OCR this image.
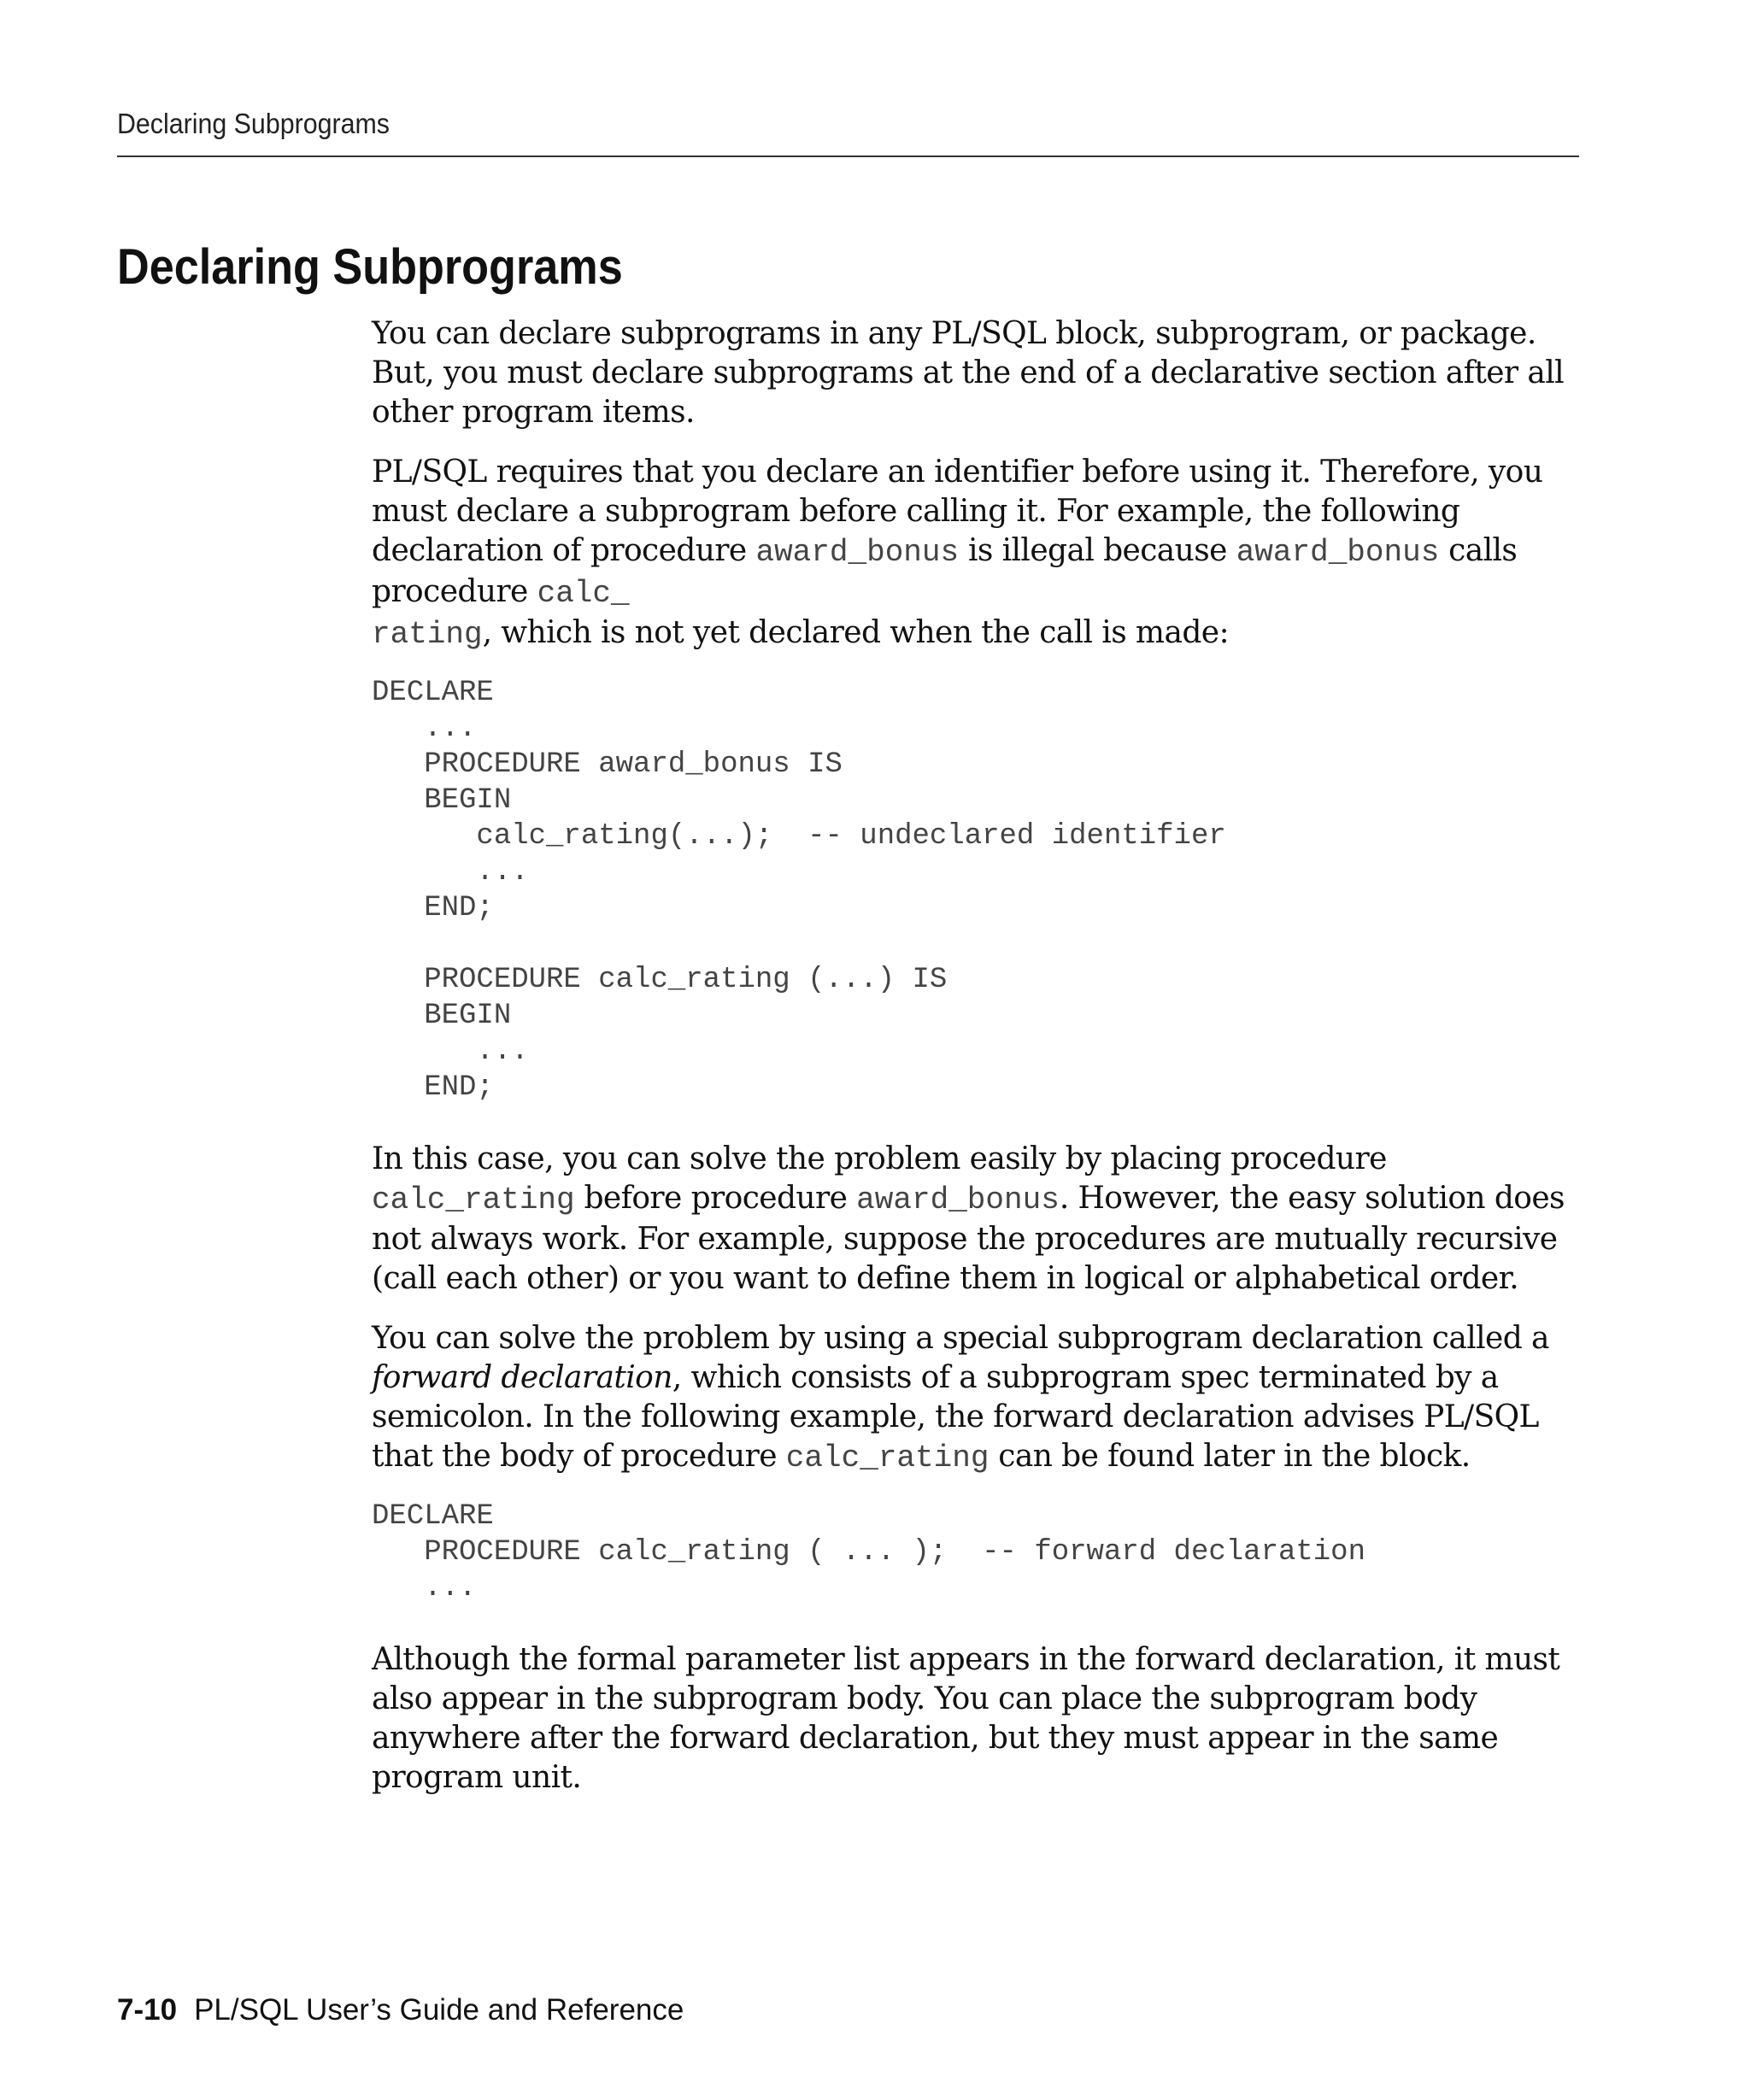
Declaring Subprograms
Declaring Subprograms

You can declare subprograms in any PL/SQL block, subprogram, or package. But, you must declare subprograms at the end of a declarative section after all other program items.

PL/SQL requires that you declare an identifier before using it. Therefore, you must declare a subprogram before calling it. For example, the following declaration of procedure award_bonus is illegal because award_bonus calls procedure calc_
rating, which is not yet declared when the call is made:

DECLARE
...
PROCEDURE award_bonus IS
BEGIN
calc_rating(...);  -- undeclared identifier
...
END;

PROCEDURE calc_rating (...) IS
BEGIN
...
END;

In this case, you can solve the problem easily by placing procedure calc_rating before procedure award_bonus. However, the easy solution does not always work. For example, suppose the procedures are mutually recursive (call each other) or you want to define them in logical or alphabetical order.

You can solve the problem by using a special subprogram declaration called a forward declaration, which consists of a subprogram spec terminated by a semicolon. In the following example, the forward declaration advises PL/SQL that the body of procedure calc_rating can be found later in the block.

DECLARE
PROCEDURE calc_rating ( ... );  -- forward declaration
...

Although the formal parameter list appears in the forward declaration, it must also appear in the subprogram body. You can place the subprogram body anywhere after the forward declaration, but they must appear in the same program unit.

7-10 PL/SQL User’s Guide and Reference
